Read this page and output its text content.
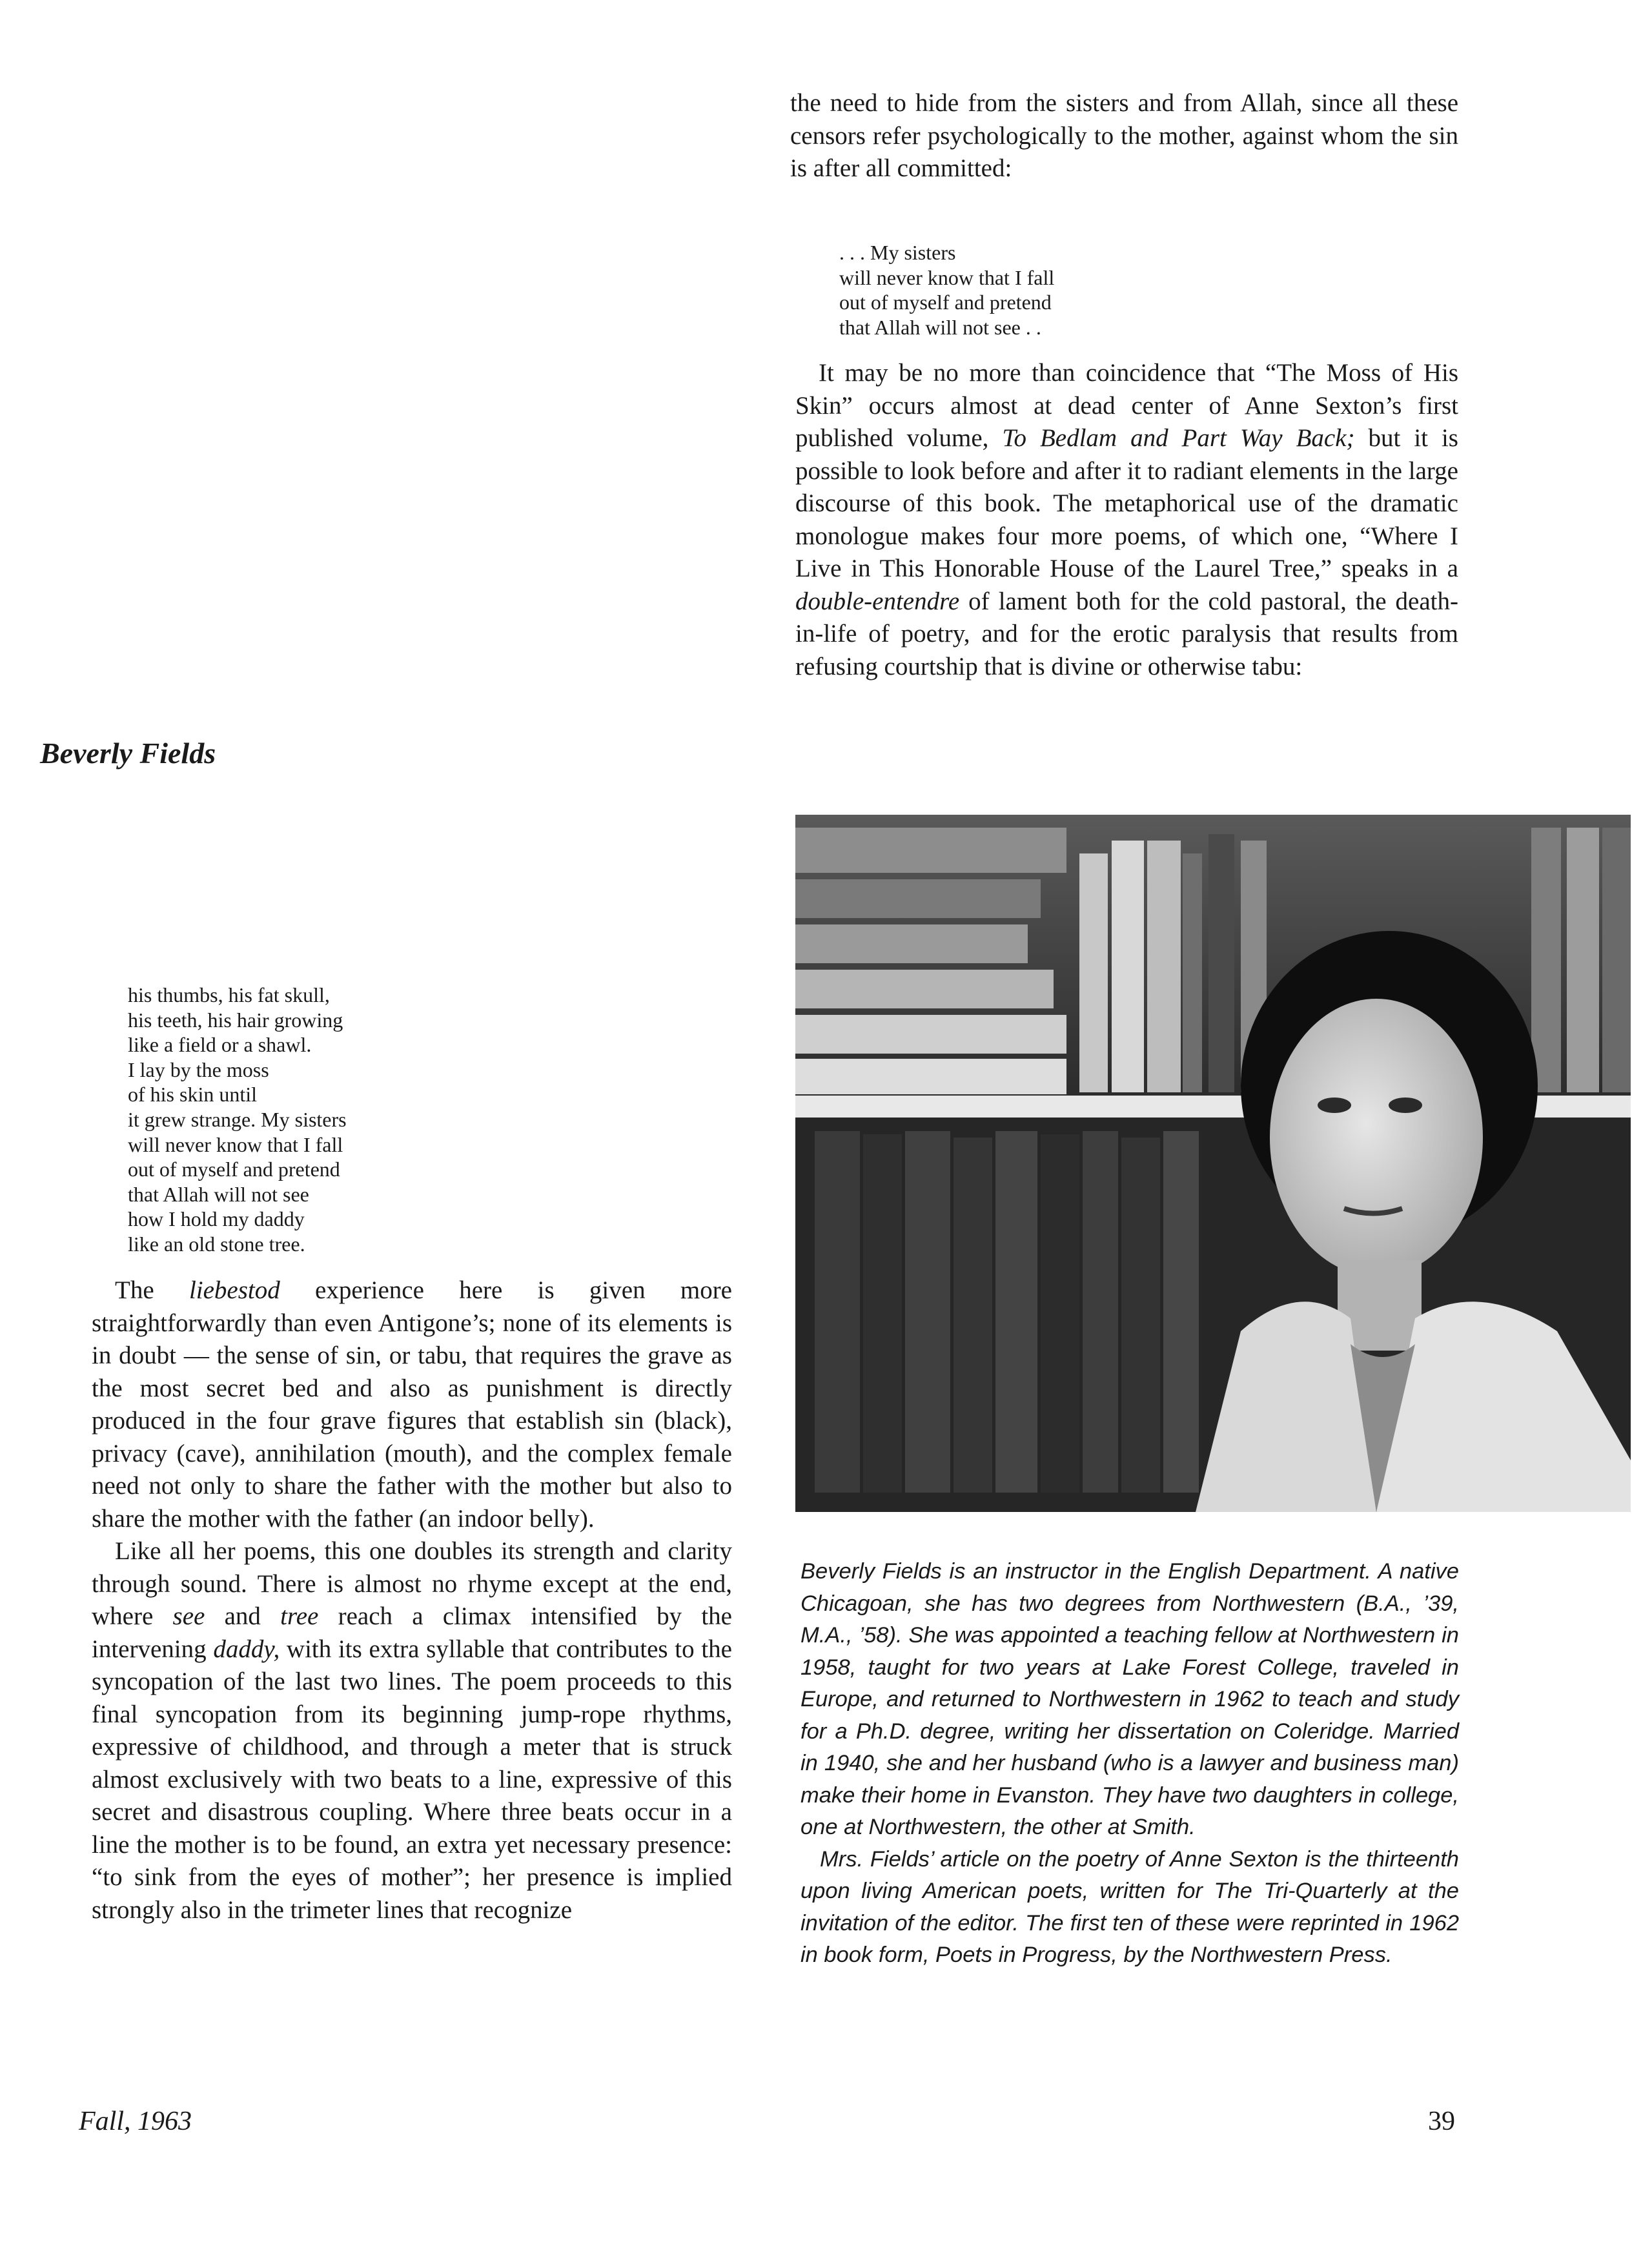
the need to hide from the sisters and from Allah, since all these censors refer psychologically to the mother, against whom the sin is after all committed:

. . . My sisters
will never know that I fall
out of myself and pretend
that Allah will not see . .

It may be no more than coincidence that “The Moss of His Skin” occurs almost at dead center of Anne Sexton’s first published volume, To Bedlam and Part Way Back; but it is possible to look before and after it to radiant elements in the large discourse of this book. The metaphorical use of the dramatic monologue makes four more poems, of which one, “Where I Live in This Honorable House of the Laurel Tree,” speaks in a double-entendre of lament both for the cold pastoral, the death-in-life of poetry, and for the erotic paralysis that results from refusing courtship that is divine or otherwise tabu:

Beverly Fields
his thumbs, his fat skull,
his teeth, his hair growing
like a field or a shawl.
I lay by the moss
of his skin until
it grew strange. My sisters
will never know that I fall
out of myself and pretend
that Allah will not see
how I hold my daddy
like an old stone tree.

The liebestod experience here is given more straightforwardly than even Antigone’s; none of its elements is in doubt — the sense of sin, or tabu, that requires the grave as the most secret bed and also as punishment is directly produced in the four grave figures that establish sin (black), privacy (cave), annihilation (mouth), and the complex female need not only to share the father with the mother but also to share the mother with the father (an indoor belly).

Like all her poems, this one doubles its strength and clarity through sound. There is almost no rhyme except at the end, where see and tree reach a climax intensified by the intervening daddy, with its extra syllable that contributes to the syncopation of the last two lines. The poem proceeds to this final syncopation from its beginning jump-rope rhythms, expressive of childhood, and through a meter that is struck almost exclusively with two beats to a line, expressive of this secret and disastrous coupling. Where three beats occur in a line the mother is to be found, an extra yet necessary presence: “to sink from the eyes of mother”; her presence is implied strongly also in the trimeter lines that recognize

Beverly Fields is an instructor in the English Department. A native Chicagoan, she has two degrees from Northwestern (B.A., ’39, M.A., ’58). She was appointed a teaching fellow at Northwestern in 1958, taught for two years at Lake Forest College, traveled in Europe, and returned to Northwestern in 1962 to teach and study for a Ph.D. degree, writing her dissertation on Coleridge. Married in 1940, she and her husband (who is a lawyer and business man) make their home in Evanston. They have two daughters in college, one at Northwestern, the other at Smith.

Mrs. Fields’ article on the poetry of Anne Sexton is the thirteenth upon living American poets, written for The Tri-Quarterly at the invitation of the editor. The first ten of these were reprinted in 1962 in book form, Poets in Progress, by the Northwestern Press.

Fall, 1963	39
